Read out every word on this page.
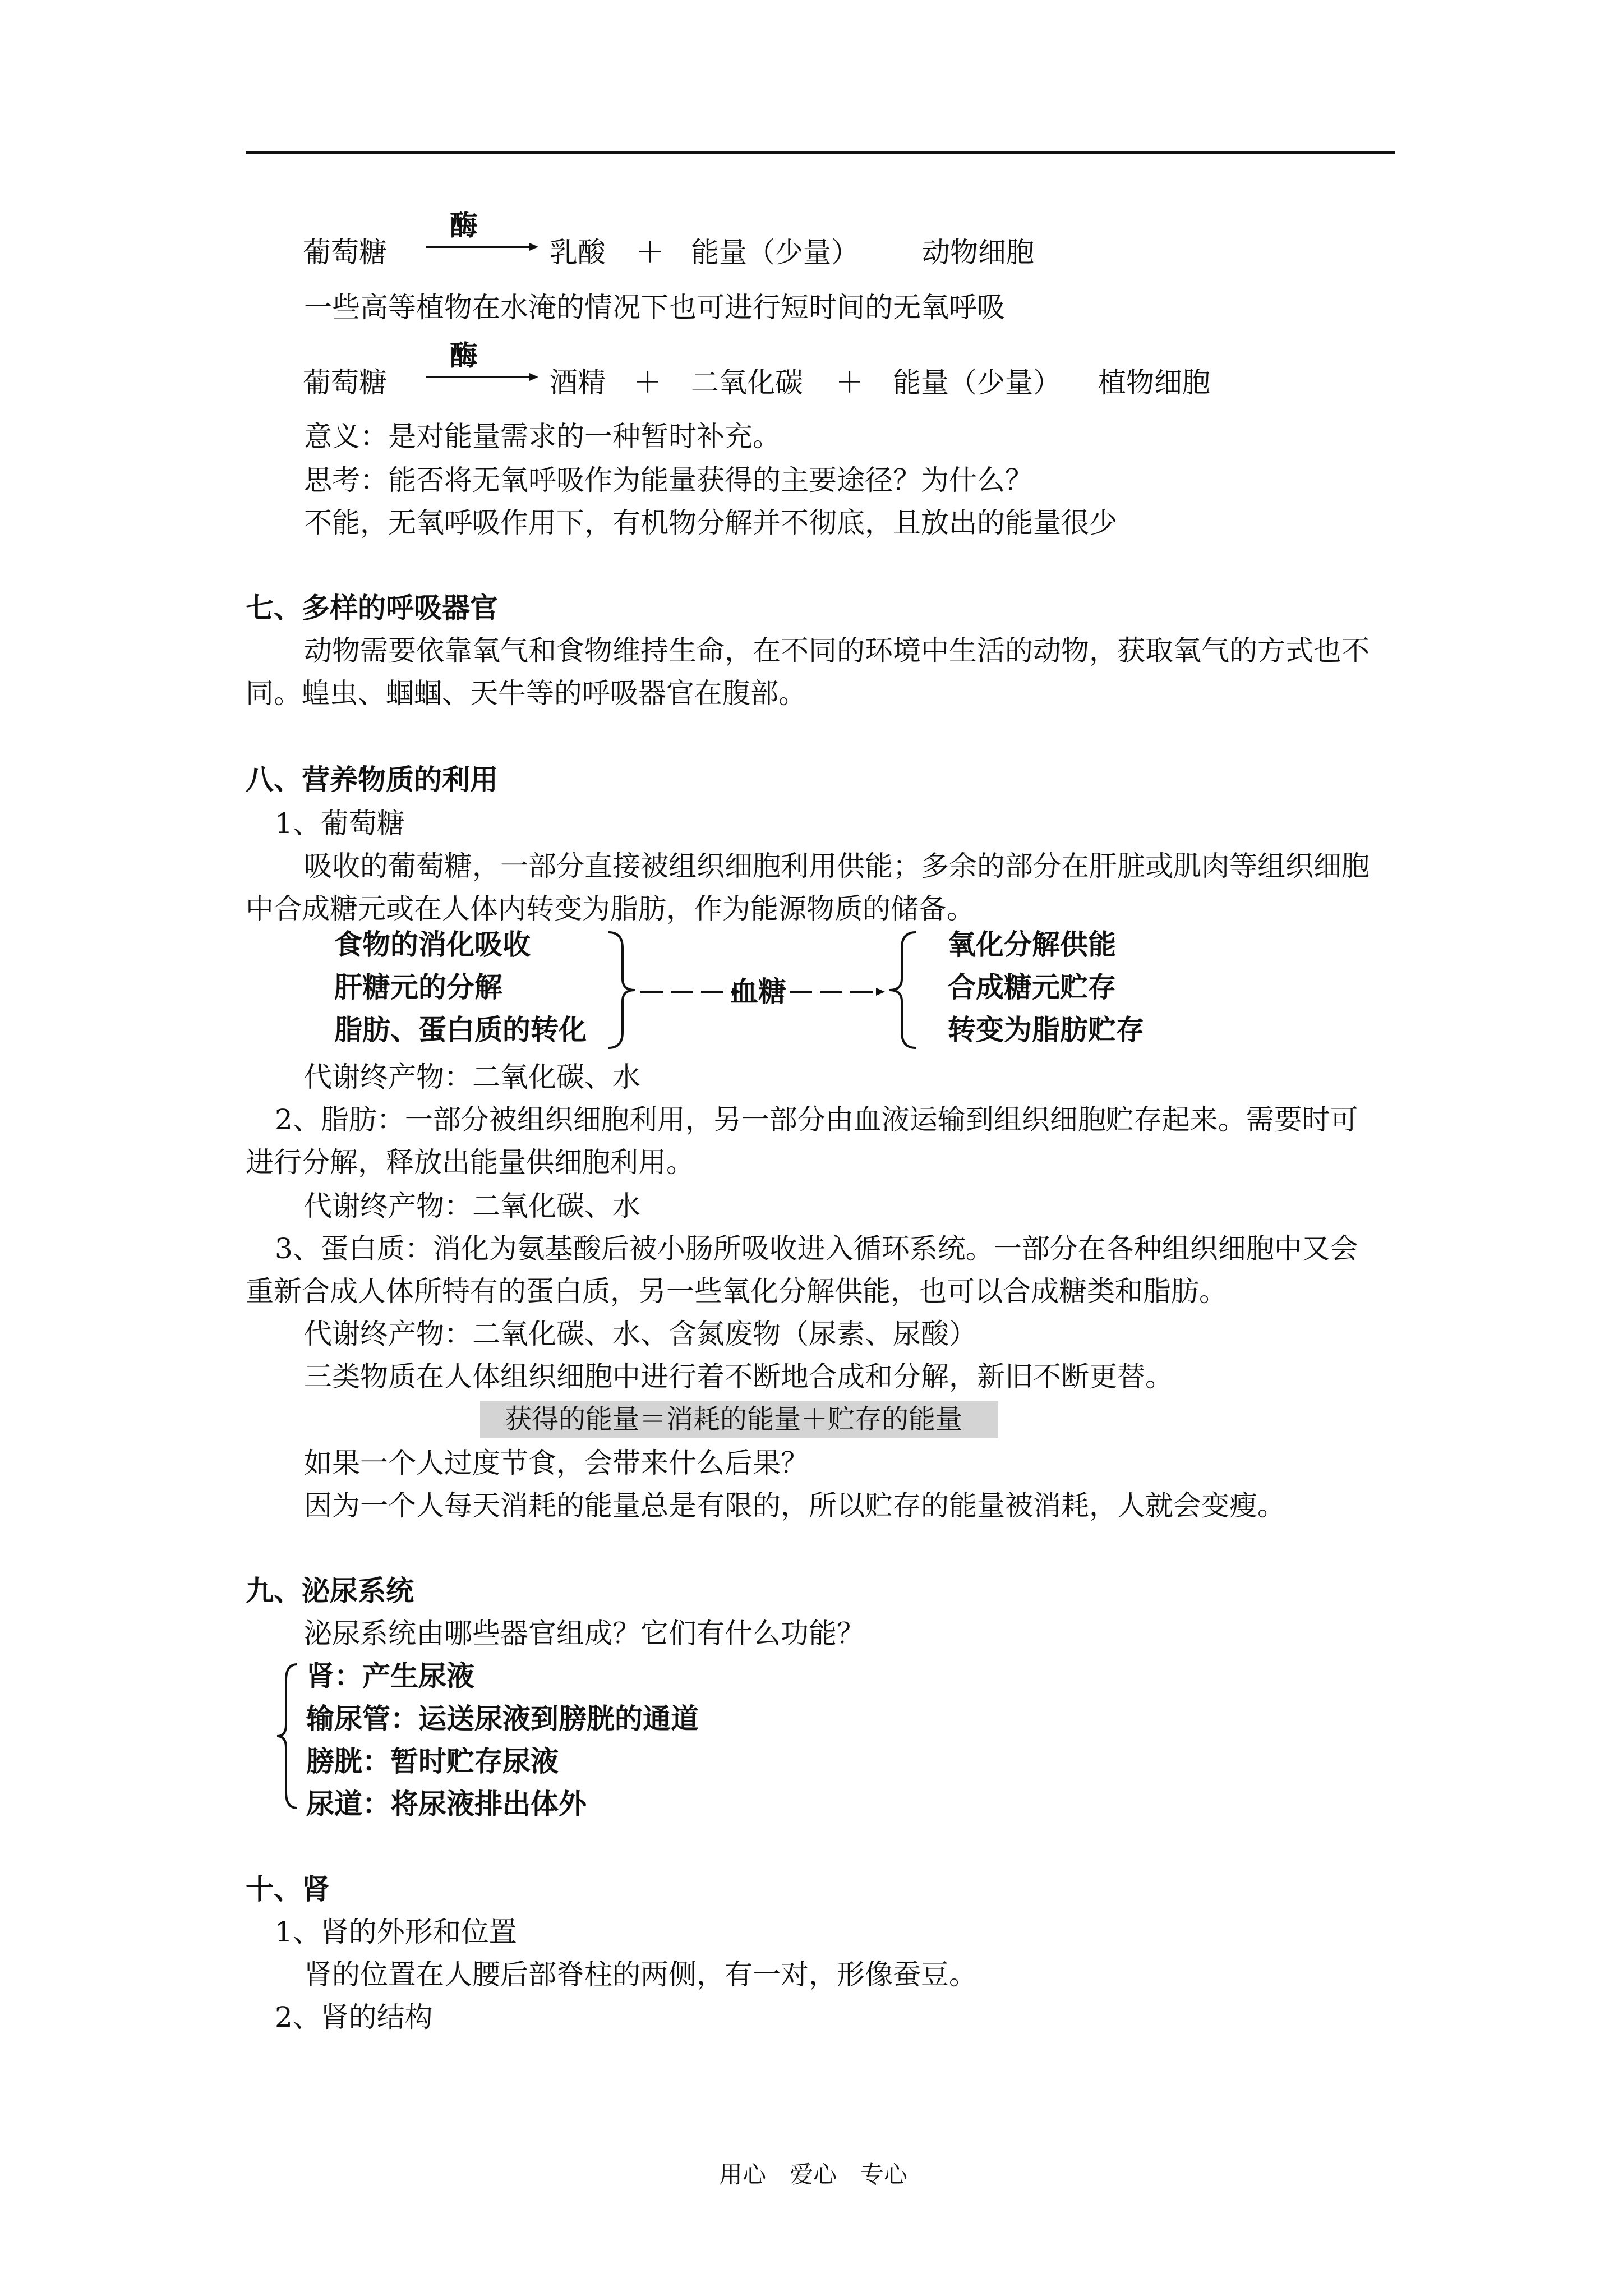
葡萄糖
酶
乳酸 ＋ 能量（少量） 动物细胞
一些高等植物在水淹的情况下也可进行短时间的无氧呼吸
葡萄糖
酶
酒精 ＋ 二氧化碳 ＋ 能量（少量） 植物细胞
意义：是对能量需求的一种暂时补充。
思考：能否将无氧呼吸作为能量获得的主要途径？为什么？
不能，无氧呼吸作用下，有机物分解并不彻底，且放出的能量很少
七、多样的呼吸器官
动物需要依靠氧气和食物维持生命，在不同的环境中生活的动物，获取氧气的方式也不
同。蝗虫、蝈蝈、天牛等的呼吸器官在腹部。
八、营养物质的利用
1、葡萄糖
吸收的葡萄糖，一部分直接被组织细胞利用供能；多余的部分在肝脏或肌肉等组织细胞
中合成糖元或在人体内转变为脂肪，作为能源物质的储备。
食物的消化吸收
肝糖元的分解
脂肪、蛋白质的转化
血糖
氧化分解供能
合成糖元贮存
转变为脂肪贮存
代谢终产物：二氧化碳、水
2、脂肪：一部分被组织细胞利用，另一部分由血液运输到组织细胞贮存起来。需要时可
进行分解，释放出能量供细胞利用。
代谢终产物：二氧化碳、水
3、蛋白质：消化为氨基酸后被小肠所吸收进入循环系统。一部分在各种组织细胞中又会
重新合成人体所特有的蛋白质，另一些氧化分解供能，也可以合成糖类和脂肪。
代谢终产物：二氧化碳、水、含氮废物（尿素、尿酸）
三类物质在人体组织细胞中进行着不断地合成和分解，新旧不断更替。
获得的能量＝消耗的能量＋贮存的能量
如果一个人过度节食，会带来什么后果？
因为一个人每天消耗的能量总是有限的，所以贮存的能量被消耗，人就会变瘦。
九、泌尿系统
泌尿系统由哪些器官组成？它们有什么功能？
肾：产生尿液
输尿管：运送尿液到膀胱的通道
膀胱：暂时贮存尿液
尿道：将尿液排出体外
十、肾
1、肾的外形和位置
肾的位置在人腰后部脊柱的两侧，有一对，形像蚕豆。
2、肾的结构
用心　爱心　专心
